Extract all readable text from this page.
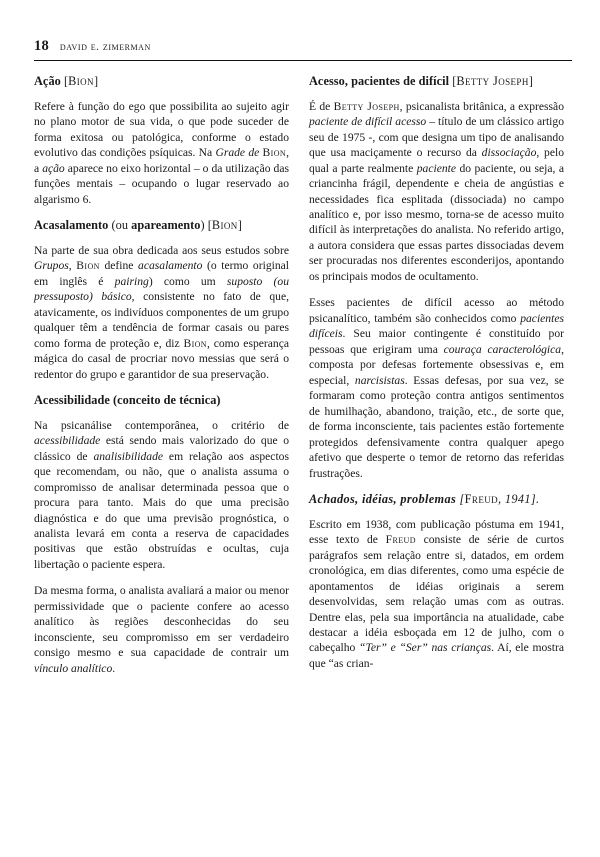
18 david e. zimerman
Ação [Bion]

Refere à função do ego que possibilita ao sujeito agir no plano motor de sua vida, o que pode suceder de forma exitosa ou patológica, conforme o estado evolutivo das condições psíquicas. Na Grade de Bion, a ação aparece no eixo horizontal – o da utilização das funções mentais – ocupando o lugar reservado ao algarismo 6.

Acasalamento (ou apareamento) [Bion]

Na parte de sua obra dedicada aos seus estudos sobre Grupos, Bion define acasalamento (o termo original em inglês é pairing) como um suposto (ou pressuposto) básico, consistente no fato de que, atavicamente, os indivíduos componentes de um grupo qualquer têm a tendência de formar casais ou pares como forma de proteção e, diz Bion, como esperança mágica do casal de procriar novo messias que será o redentor do grupo e garantidor de sua preservação.

Acessibilidade (conceito de técnica)

Na psicanálise contemporânea, o critério de acessibilidade está sendo mais valorizado do que o clássico de analisibilidade em relação aos aspectos que recomendam, ou não, que o analista assuma o compromisso de analisar determinada pessoa que o procura para tanto. Mais do que uma precisão diagnóstica e do que uma previsão prognóstica, o analista levará em conta a reserva de capacidades positivas que estão obstruídas e ocultas, cuja libertação o paciente espera.

Da mesma forma, o analista avaliará a maior ou menor permissividade que o paciente confere ao acesso analítico às regiões desconhecidas do seu inconsciente, seu compromisso em ser verdadeiro consigo mesmo e sua capacidade de contrair um vínculo analítico.

Acesso, pacientes de difícil [Betty Joseph]

É de Betty Joseph, psicanalista britânica, a expressão paciente de difícil acesso – título de um clássico artigo seu de 1975 -, com que designa um tipo de analisando que usa maciçamente o recurso da dissociação, pelo qual a parte realmente paciente do paciente, ou seja, a criancinha frágil, dependente e cheia de angústias e necessidades fica esplitada (dissociada) no campo analítico e, por isso mesmo, torna-se de acesso muito difícil às interpretações do analista. No referido artigo, a autora considera que essas partes dissociadas devem ser procuradas nos diferentes esconderijos, apontando os principais modos de ocultamento.

Esses pacientes de difícil acesso ao método psicanalítico, também são conhecidos como pacientes difíceis. Seu maior contingente é constituído por pessoas que erigiram uma couraça caracterológica, composta por defesas fortemente obsessivas e, em especial, narcisistas. Essas defesas, por sua vez, se formaram como proteção contra antigos sentimentos de humilhação, abandono, traição, etc., de sorte que, de forma inconsciente, tais pacientes estão fortemente protegidos defensivamente contra qualquer apego afetivo que desperte o temor de retorno das referidas frustrações.

Achados, idéias, problemas [Freud, 1941].

Escrito em 1938, com publicação póstuma em 1941, esse texto de Freud consiste de série de curtos parágrafos sem relação entre si, datados, em ordem cronológica, em dias diferentes, como uma espécie de apontamentos de idéias originais a serem desenvolvidas, sem relação umas com as outras. Dentre elas, pela sua importância na atualidade, cabe destacar a idéia esboçada em 12 de julho, com o cabeçalho “Ter” e “Ser” nas crianças. Aí, ele mostra que “as crian-
